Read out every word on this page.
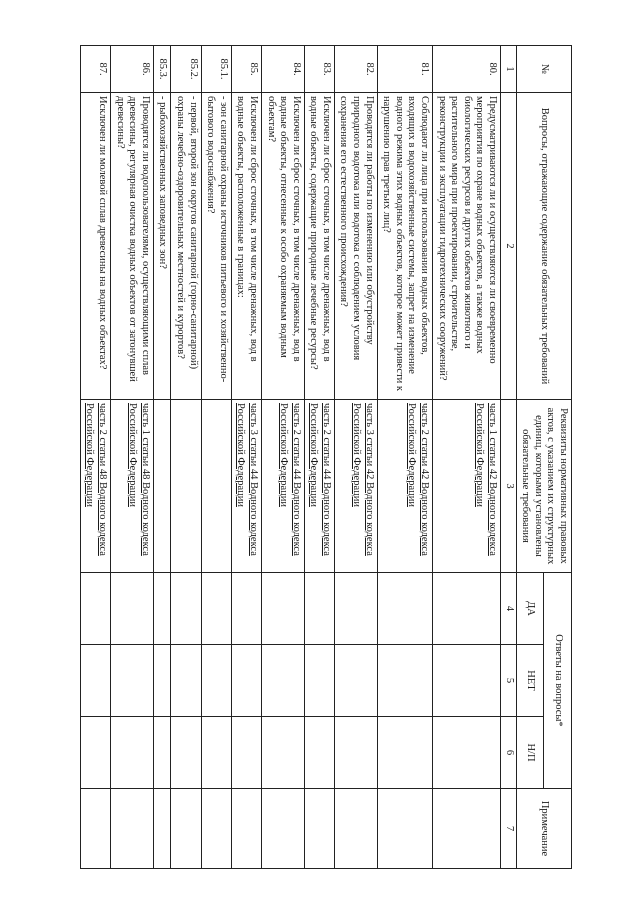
№	Вопросы, отражающие содержание обязательных требований	Реквизиты нормативных правовых актов, с указанием их структурных единиц, которыми установлены обязательные требования	Ответы на вопросы*			Примечание
			ДА	НЕТ	Н/П	
1	2	3	4	5	6	7
80.	Предусматриваются ли и осуществляются ли своевременно мероприятия по охране водных объектов, а также водных биологических ресурсов и других объектов животного и растительного мира при проектировании, строительстве, реконструкции и эксплуатации гидротехнических сооружений?	часть 1 статьи 42 Водного кодекса Российской Федерации				
81.	Соблюдают ли лица при использовании водных объектов, входящих в водохозяйственные системы, запрет на изменение водного режима этих водных объектов, которое может привести к нарушению прав третьих лиц?	часть 2 статьи 42 Водного кодекса Российской Федерации				
82.	Проводятся ли работы по изменению или обустройству природного водотока или водотока с соблюдением условия сохранения его естественного происхождения?	часть 3 статьи 42 Водного кодекса Российской Федерации				
83.	Исключен ли сброс сточных, в том числе дренажных, вод в водные объекты, содержащие природные лечебные ресурсы?	часть 2 статьи 44 Водного кодекса Российской Федерации				
84.	Исключен ли сброс сточных, в том числе дренажных, вод в водные объекты, отнесенные к особо охраняемым водным объектам?	часть 2 статьи 44 Водного кодекса Российской Федерации				
85.	Исключен ли сброс сточных, в том числе дренажных, вод в водные объекты, расположенные в границах:	часть 3 статьи 44 Водного кодекса Российской Федерации				
85.1.	- зон санитарной охраны источников питьевого и хозяйственно-бытового водоснабжения?					
85.2.	- первой, второй зон округов санитарной (горно-санитарной) охраны лечебно-оздоровительных местностей и курортов?					
85.3.	- рыбохозяйственных заповедных зон?					
86.	Проводятся ли водопользователями, осуществляющими сплав древесины, регулярная очистка водных объектов от затонувшей древесины?	часть 1 статьи 48 Водного кодекса Российской Федерации				
87.	Исключен ли молевой сплав древесины на водных объектах?	часть 2 статьи 48 Водного кодекса Российской Федерации				
